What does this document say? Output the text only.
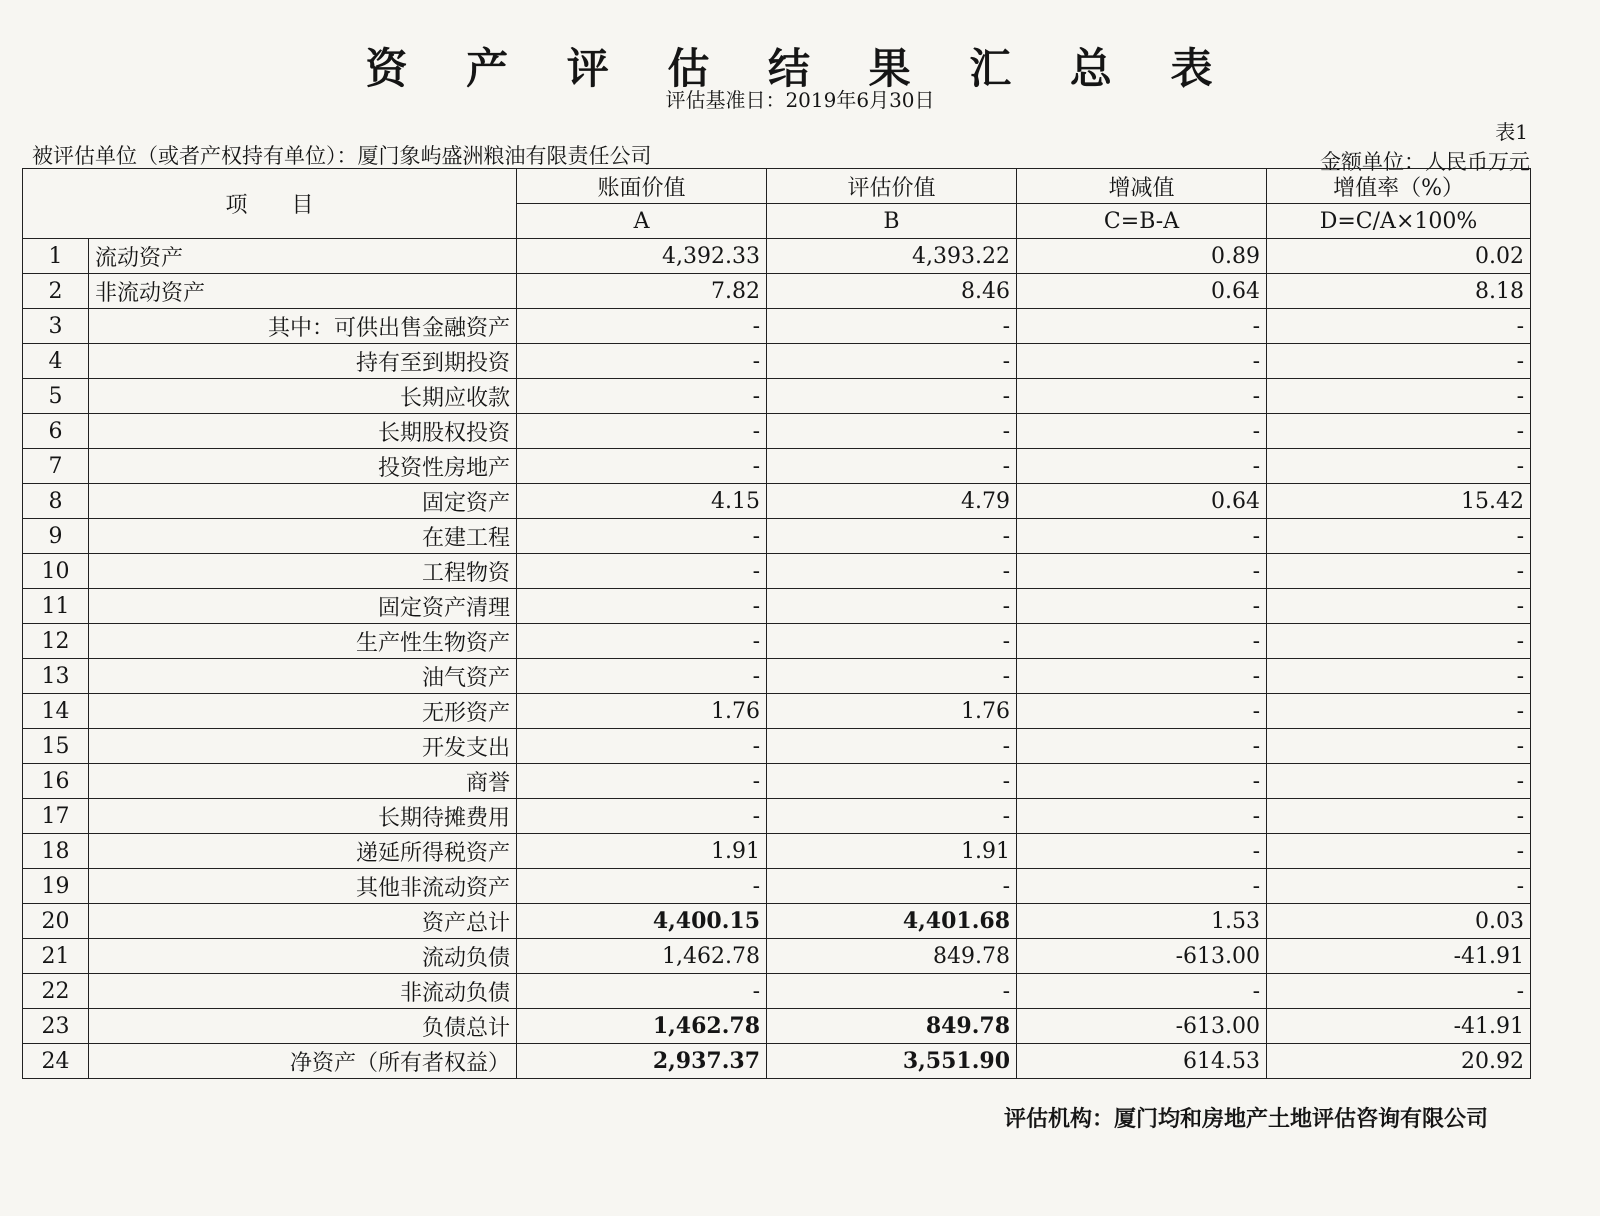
资 产 评 估 结 果 汇 总 表
评估基准日：2019年6月30日
表1
被评估单位（或者产权持有单位）：厦门象屿盛洲粮油有限责任公司	金额单位：人民币万元
项　　目		账面价值	评估价值	增减值	增值率（%）
		A	B	C=B-A	D=C/A×100%
1	流动资产	4,392.33	4,393.22	0.89	0.02
2	非流动资产	7.82	8.46	0.64	8.18
3	其中：可供出售金融资产	-	-	-	-
4	持有至到期投资	-	-	-	-
5	长期应收款	-	-	-	-
6	长期股权投资	-	-	-	-
7	投资性房地产	-	-	-	-
8	固定资产	4.15	4.79	0.64	15.42
9	在建工程	-	-	-	-
10	工程物资	-	-	-	-
11	固定资产清理	-	-	-	-
12	生产性生物资产	-	-	-	-
13	油气资产	-	-	-	-
14	无形资产	1.76	1.76	-	-
15	开发支出	-	-	-	-
16	商誉	-	-	-	-
17	长期待摊费用	-	-	-	-
18	递延所得税资产	1.91	1.91	-	-
19	其他非流动资产	-	-	-	-
20	资产总计	4,400.15	4,401.68	1.53	0.03
21	流动负债	1,462.78	849.78	-613.00	-41.91
22	非流动负债	-	-	-	-
23	负债总计	1,462.78	849.78	-613.00	-41.91
24	净资产（所有者权益）	2,937.37	3,551.90	614.53	20.92
评估机构：厦门均和房地产土地评估咨询有限公司
